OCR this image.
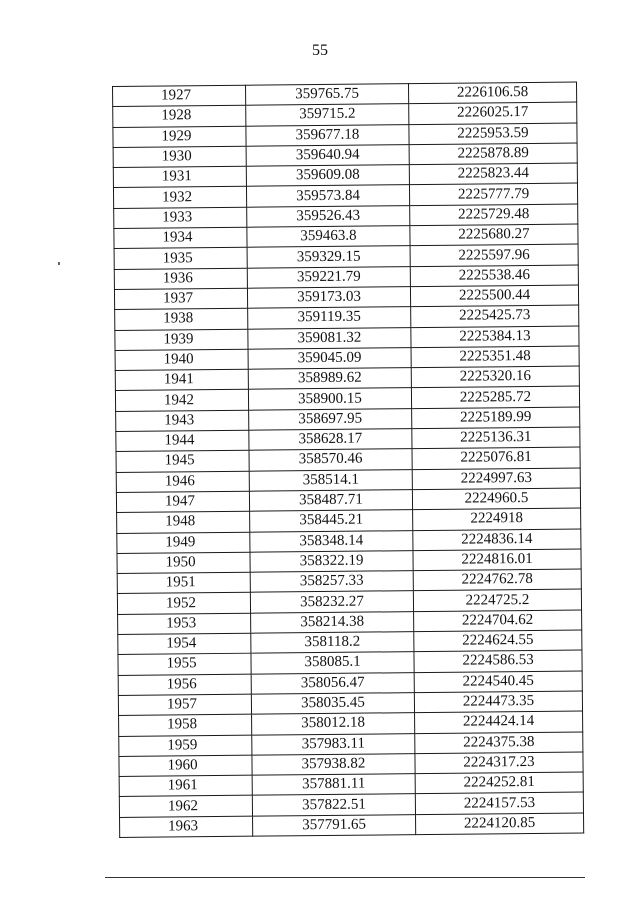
55
1927	359765.75	2226106.58
1928	359715.2	2226025.17
1929	359677.18	2225953.59
1930	359640.94	2225878.89
1931	359609.08	2225823.44
1932	359573.84	2225777.79
1933	359526.43	2225729.48
1934	359463.8	2225680.27
1935	359329.15	2225597.96
1936	359221.79	2225538.46
1937	359173.03	2225500.44
1938	359119.35	2225425.73
1939	359081.32	2225384.13
1940	359045.09	2225351.48
1941	358989.62	2225320.16
1942	358900.15	2225285.72
1943	358697.95	2225189.99
1944	358628.17	2225136.31
1945	358570.46	2225076.81
1946	358514.1	2224997.63
1947	358487.71	2224960.5
1948	358445.21	2224918
1949	358348.14	2224836.14
1950	358322.19	2224816.01
1951	358257.33	2224762.78
1952	358232.27	2224725.2
1953	358214.38	2224704.62
1954	358118.2	2224624.55
1955	358085.1	2224586.53
1956	358056.47	2224540.45
1957	358035.45	2224473.35
1958	358012.18	2224424.14
1959	357983.11	2224375.38
1960	357938.82	2224317.23
1961	357881.11	2224252.81
1962	357822.51	2224157.53
1963	357791.65	2224120.85
